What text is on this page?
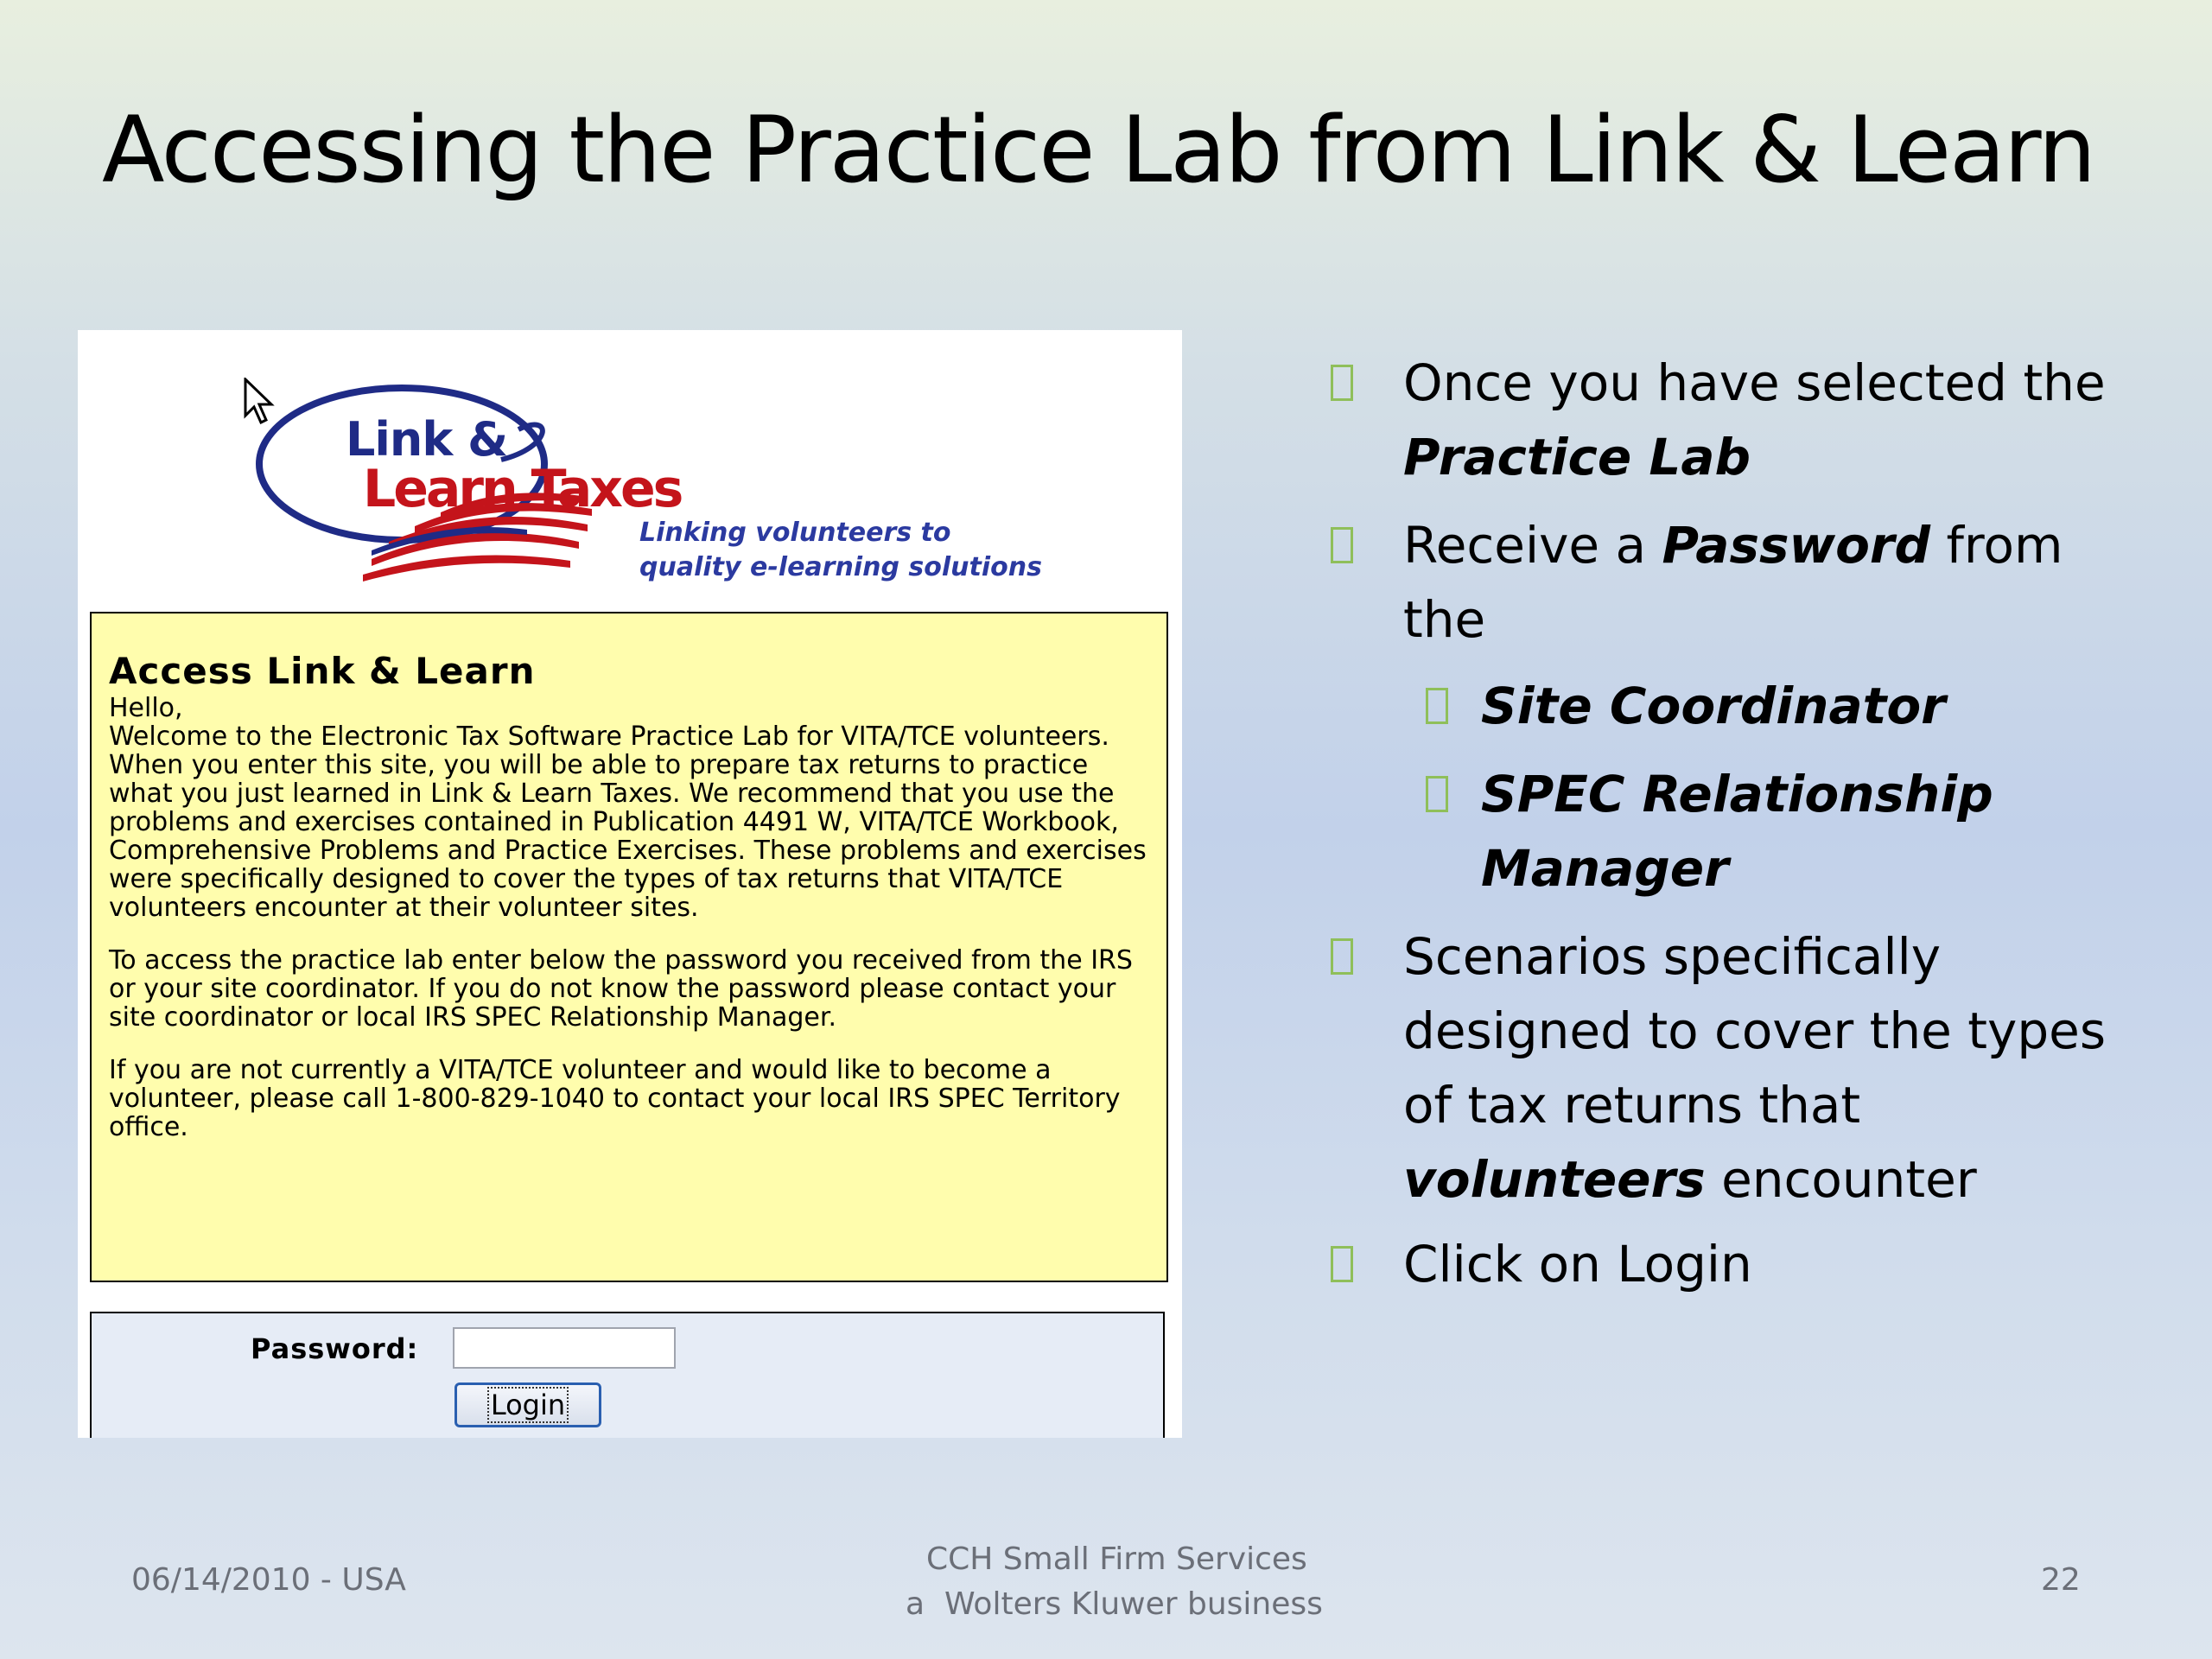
Accessing the Practice Lab from Link & Learn
Link &
Learn Taxes
Linking volunteers to
quality e-learning solutions
Access Link & Learn

Hello,
Welcome to the Electronic Tax Software Practice Lab for VITA/TCE volunteers. When you enter this site, you will be able to prepare tax returns to practice what you just learned in Link & Learn Taxes. We recommend that you use the problems and exercises contained in Publication 4491 W, VITA/TCE Workbook, Comprehensive Problems and Practice Exercises. These problems and exercises were specifically designed to cover the types of tax returns that VITA/TCE volunteers encounter at their volunteer sites.

To access the practice lab enter below the password you received from the IRS or your site coordinator. If you do not know the password please contact your site coordinator or local IRS SPEC Relationship Manager.

If you are not currently a VITA/TCE volunteer and would like to become a volunteer, please call 1-800-829-1040 to contact your local IRS SPEC Territory office.

Password:
Login
Once you have selected the
Practice Lab
Receive a Password from
the
Site Coordinator
SPEC Relationship
Manager
Scenarios specifically
designed to cover the types
of tax returns that
volunteers encounter
Click on Login
06/14/2010 - USA
CCH Small Firm Services
a  Wolters Kluwer business
22
